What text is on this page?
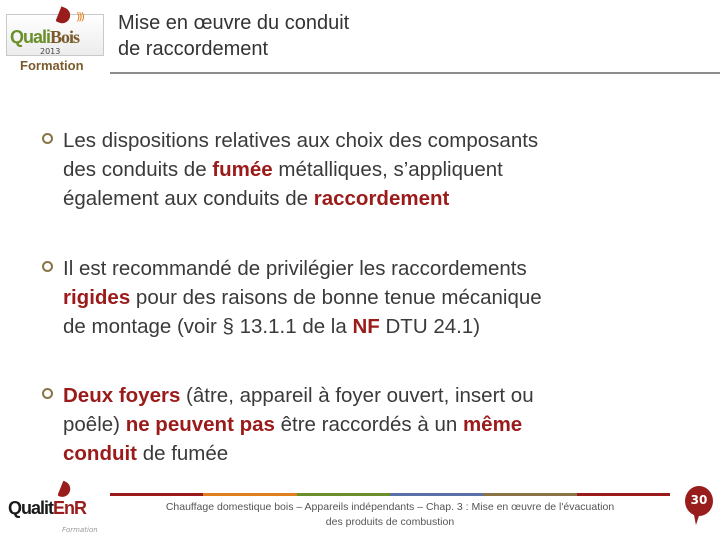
)))
QualiBois
2013
Formation
Mise en œuvre du conduit
de raccordement
Les dispositions relatives aux choix des composants
des conduits de fumée métalliques, s’appliquent
également aux conduits de raccordement
Il est recommandé de privilégier les raccordements
rigides pour des raisons de bonne tenue mécanique
de montage (voir § 13.1.1 de la NF DTU 24.1)
Deux foyers (âtre, appareil à foyer ouvert, insert ou
poêle) ne peuvent pas être raccordés à un même
conduit de fumée
QualitEnR
Formation
Chauffage domestique bois – Appareils indépendants – Chap. 3 : Mise en œuvre de l'évacuation
des produits de combustion
30
